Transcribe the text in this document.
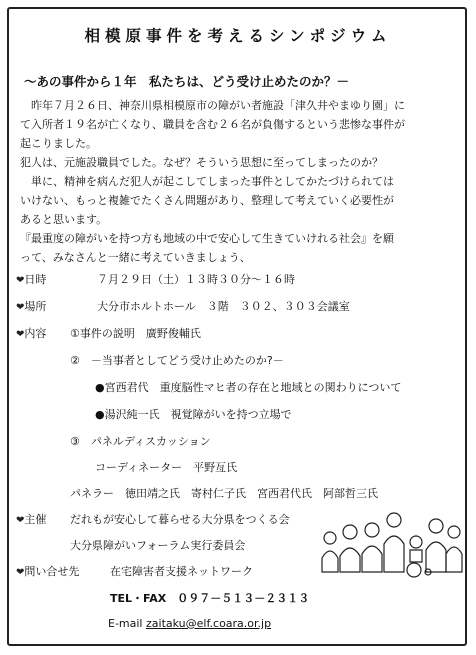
相模原事件を考えるシンポジウム
～あの事件から１年　私たちは、どう受け止めたのか？－
　昨年７月２６日、神奈川県相模原市の障がい者施設「津久井やまゆり園」に
て入所者１９名が亡くなり、職員を含む２６名が負傷するという悲惨な事件が
起こりました。
犯人は、元施設職員でした。なぜ？そういう思想に至ってしまったのか？
　単に、精神を病んだ犯人が起こしてしまった事件としてかたづけられては
いけない、もっと複雑でたくさん問題があり、整理して考えていく必要性が
あると思います。
『最重度の障がいを持つ方も地域の中で安心して生きていけれる社会』を願
って、みなさんと一緒に考えていきましょう、
❤日時	７月２９日（土）１３時３０分～１６時
❤場所	大分市ホルトホール　３階　３０２、３０３会議室
❤内容 ①事件の説明　廣野俊輔氏
②　－当事者としてどう受け止めたのか?－
●宮西君代　重度脳性マヒ者の存在と地域との関わりについて
●湯沢純一氏　視覚障がいを持つ立場で
③　パネルディスカッション
コーディネーター　平野亙氏
パネラー　徳田靖之氏　寄村仁子氏　宮西君代氏　阿部哲三氏
❤主催 だれもが安心して暮らせる大分県をつくる会
大分県障がいフォーラム実行委員会
❤問い合せ先	在宅障害者支援ネットワーク
TEL・FAX　０９７－５１３－２３１３
E-mail zaitaku@elf.coara.or.jp
